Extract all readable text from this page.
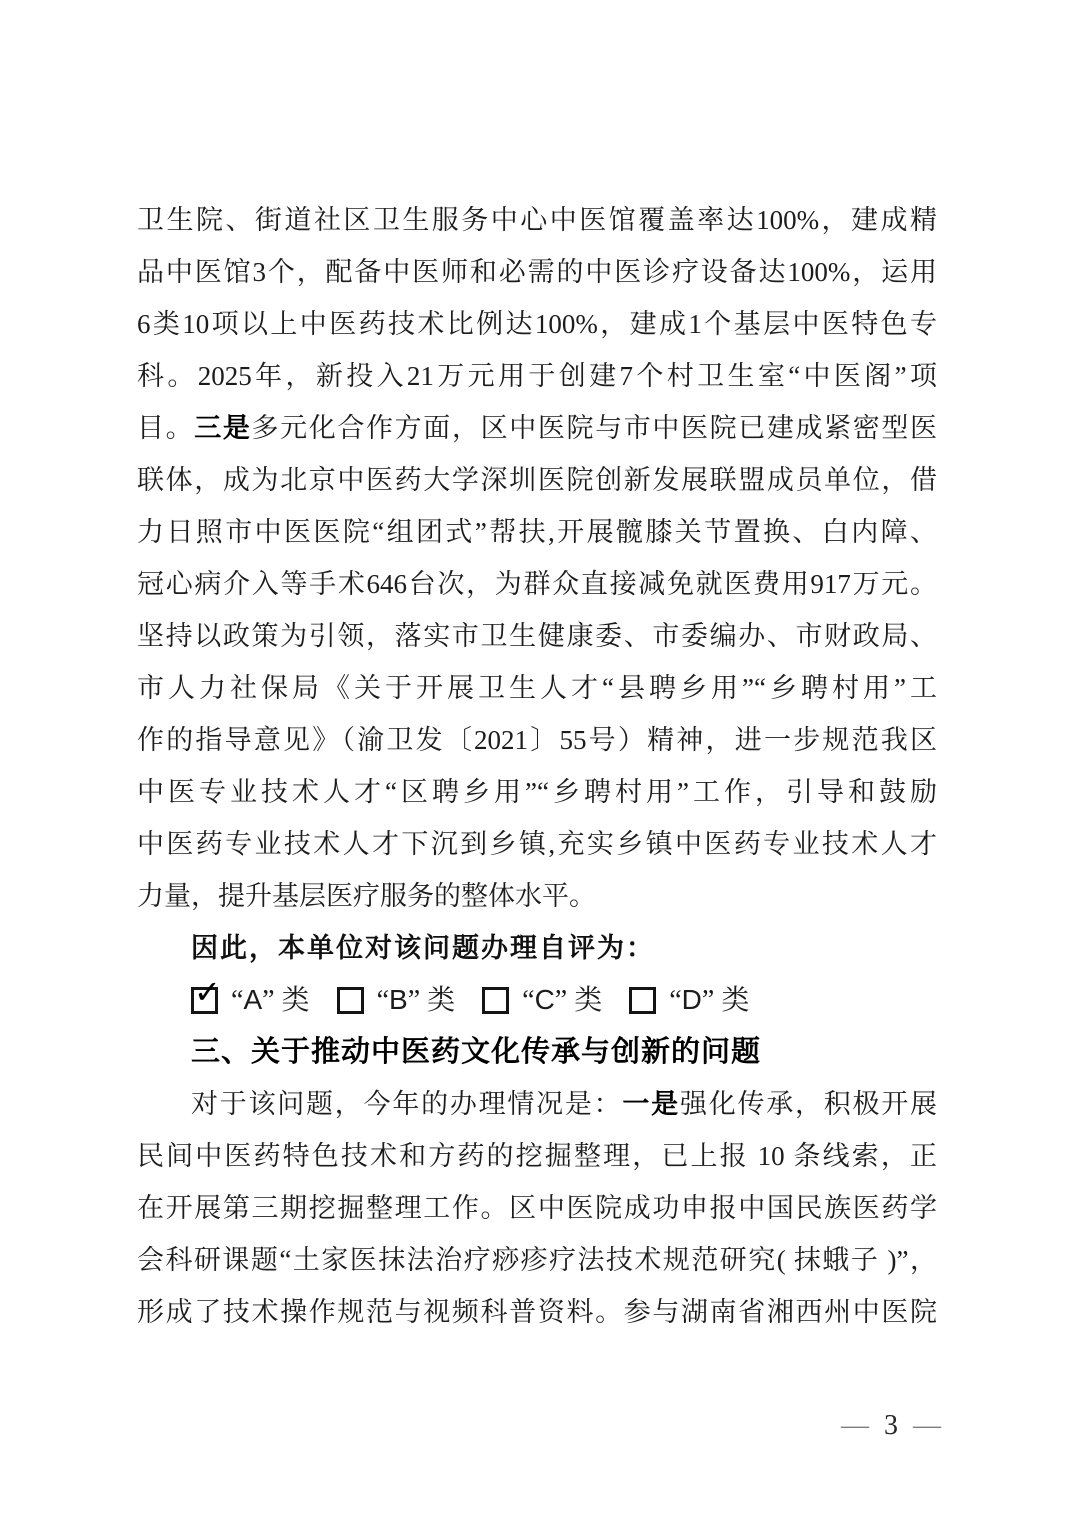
卫生院、街道社区卫生服务中心中医馆覆盖率达100%，建成精
品中医馆3个，配备中医师和必需的中医诊疗设备达100%，运用
6类10项以上中医药技术比例达100%，建成1个基层中医特色专
科。2025年，新投入21万元用于创建7个村卫生室“中医阁”项
目。三是多元化合作方面，区中医院与市中医院已建成紧密型医
联体，成为北京中医药大学深圳医院创新发展联盟成员单位，借
力日照市中医医院“组团式”帮扶,开展髋膝关节置换、白内障、
冠心病介入等手术646台次，为群众直接减免就医费用917万元。
坚持以政策为引领，落实市卫生健康委、市委编办、市财政局、
市人力社保局《关于开展卫生人才“县聘乡用”“乡聘村用”工
作的指导意见》（渝卫发〔2021〕55号）精神，进一步规范我区
中医专业技术人才“区聘乡用”“乡聘村用”工作，引导和鼓励
中医药专业技术人才下沉到乡镇,充实乡镇中医药专业技术人才
力量，提升基层医疗服务的整体水平。
因此，本单位对该问题办理自评为：
✓ “A” 类 “B” 类 “C” 类 “D” 类
三、关于推动中医药文化传承与创新的问题
对于该问题，今年的办理情况是：一是强化传承，积极开展
民间中医药特色技术和方药的挖掘整理，已上报 10 条线索，正
在开展第三期挖掘整理工作。区中医院成功申报中国民族医药学
会科研课题“土家医抹法治疗痧疹疗法技术规范研究( 抹蛾子 )”，
形成了技术操作规范与视频科普资料。参与湖南省湘西州中医院
— 3 —
